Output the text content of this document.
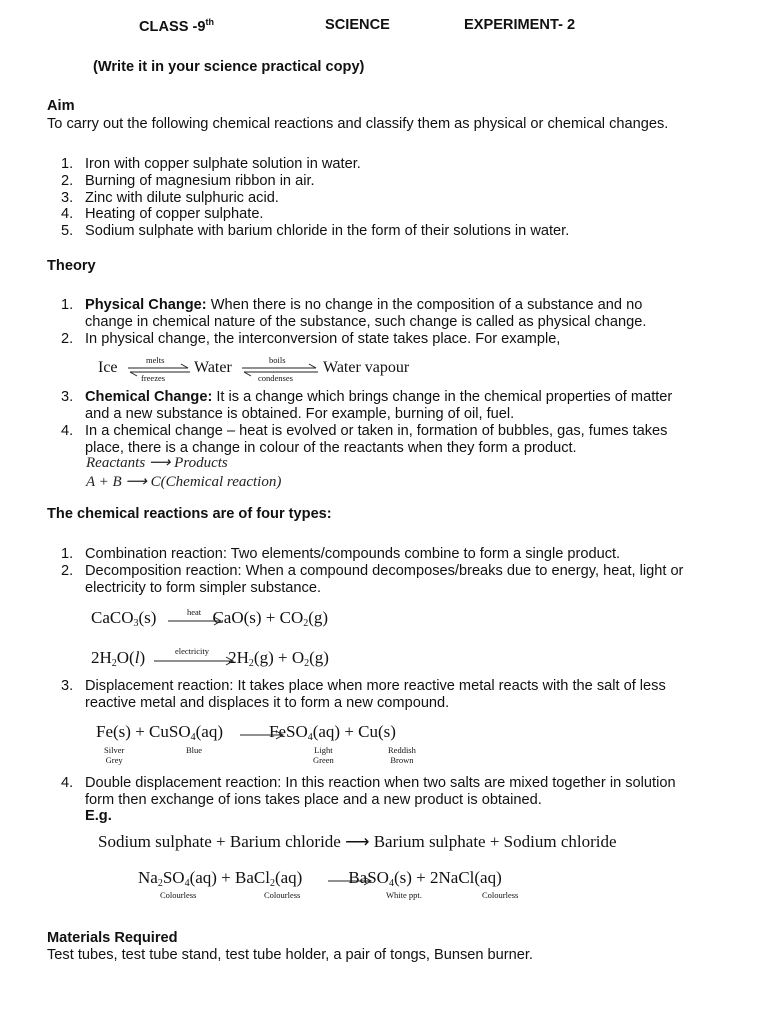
CLASS -9th	SCIENCE	EXPERIMENT- 2
(Write it in your science practical copy)
Aim
To carry out the following chemical reactions and classify them as physical or chemical changes.
1. Iron with copper sulphate solution in water.
2. Burning of magnesium ribbon in air.
3. Zinc with dilute sulphuric acid.
4. Heating of copper sulphate.
5. Sodium sulphate with barium chloride in the form of their solutions in water.
Theory
1. Physical Change: When there is no change in the composition of a substance and no
change in chemical nature of the substance, such change is called as physical change.
2. In physical change, the interconversion of state takes place. For example,
Ice	melts
freezes
Water	boils
condenses
Water vapour
3. Chemical Change: It is a change which brings change in the chemical properties of matter
and a new substance is obtained. For example, burning of oil, fuel.
4. In a chemical change – heat is evolved or taken in, formation of bubbles, gas, fumes takes
place, there is a change in colour of the reactants when they form a product.
Reactants ⟶ Products
A + B ⟶ C(Chemical reaction)
The chemical reactions are of four types:
1. Combination reaction: Two elements/compounds combine to form a single product.
2. Decomposition reaction: When a compound decomposes/breaks due to energy, heat, light or
electricity to form simpler substance.
CaCO$_3$(s)	$CaO(s) + CO_2(g)$
heat
$2H_2O(l)$	$2H_2(g) + O_2(g)$
electricity
3. Displacement reaction: It takes place when more reactive metal reacts with the salt of less
reactive metal and displaces it to form a new compound.
Fe(s) + CuSO$_4$(aq)	FeSO$_4$(aq) + Cu(s)
Silver
Grey
Blue	Light
Green
Reddish
Brown
4. Double displacement reaction: In this reaction when two salts are mixed together in solution
form then exchange of ions takes place and a new product is obtained.
E.g.
Sodium sulphate + Barium chloride ⟶ Barium sulphate + Sodium chloride
$Na_2SO_4(aq)$ + BaCl$_2$(aq)	BaSO$_4$(s) + 2NaCl(aq)
Colourless	Colourless	White ppt.	Colourless
Materials Required
Test tubes, test tube stand, test tube holder, a pair of tongs, Bunsen burner.
